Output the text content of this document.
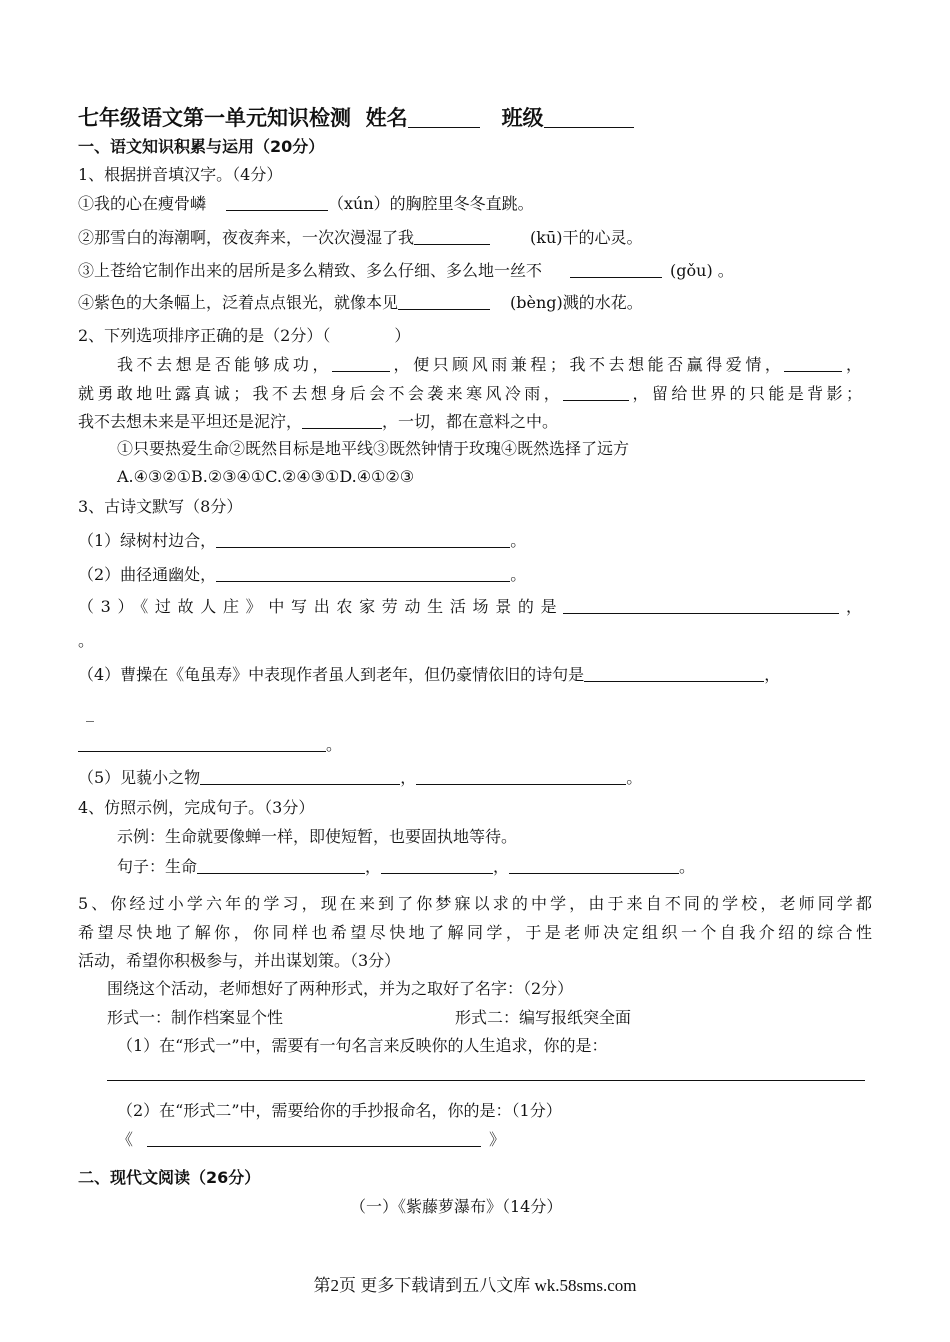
七年级语文第一单元知识检测 姓名	班级
一、语文知识积累与运用（20分）
1、根据拼音填汉字。（4分）
①我的心在瘦骨嶙	（xún）的胸腔里冬冬直跳。
②那雪白的海潮啊，夜夜奔来，一次次漫湿了我	(kū)干的心灵。
③上苍给它制作出来的居所是多么精致、多么仔细、多么地一丝不	(gǒu) 。
④紫色的大条幅上，泛着点点银光，就像本见	(bèng)溅的水花。
2、下列选项排序正确的是（2分）（	）
我不去想是否能够成功，	，便只顾风雨兼程；我不去想能否赢得爱情，	，
就勇敢地吐露真诚；我不去想身后会不会袭来寒风冷雨，	，留给世界的只能是背影；
我不去想未来是平坦还是泥泞，	，一切，都在意料之中。
①只要热爱生命②既然目标是地平线③既然钟情于玫瑰④既然选择了远方
A.④③②①B.②③④①C.②④③①D.④①②③
3、古诗文默写（8分）
（1）绿树村边合，	。
（2）曲径通幽处，	。
（3）《过故人庄》中写出农家劳动生活场景的是	，
。
（4）曹操在《龟虽寿》中表现作者虽人到老年，但仍豪情依旧的诗句是	，
_
。
（5）见藐小之物	，	。
4、仿照示例，完成句子。（3分）
示例：生命就要像蝉一样，即使短暂，也要固执地等待。
句子：生命	，	，	。
5、你经过小学六年的学习，现在来到了你梦寐以求的中学，由于来自不同的学校，老师同学都
希望尽快地了解你，你同样也希望尽快地了解同学，于是老师决定组织一个自我介绍的综合性
活动，希望你积极参与，并出谋划策。（3分）
围绕这个活动，老师想好了两种形式，并为之取好了名字：（2分）
形式一：制作档案显个性	形式二：编写报纸突全面
（1）在“形式一”中，需要有一句名言来反映你的人生追求，你的是：
（2）在“形式二”中，需要给你的手抄报命名，你的是：（1分）
《	》
二、现代文阅读（26分）
（一）《紫藤萝瀑布》（14分）
第2页 更多下载请到五八文库 wk.58sms.com
